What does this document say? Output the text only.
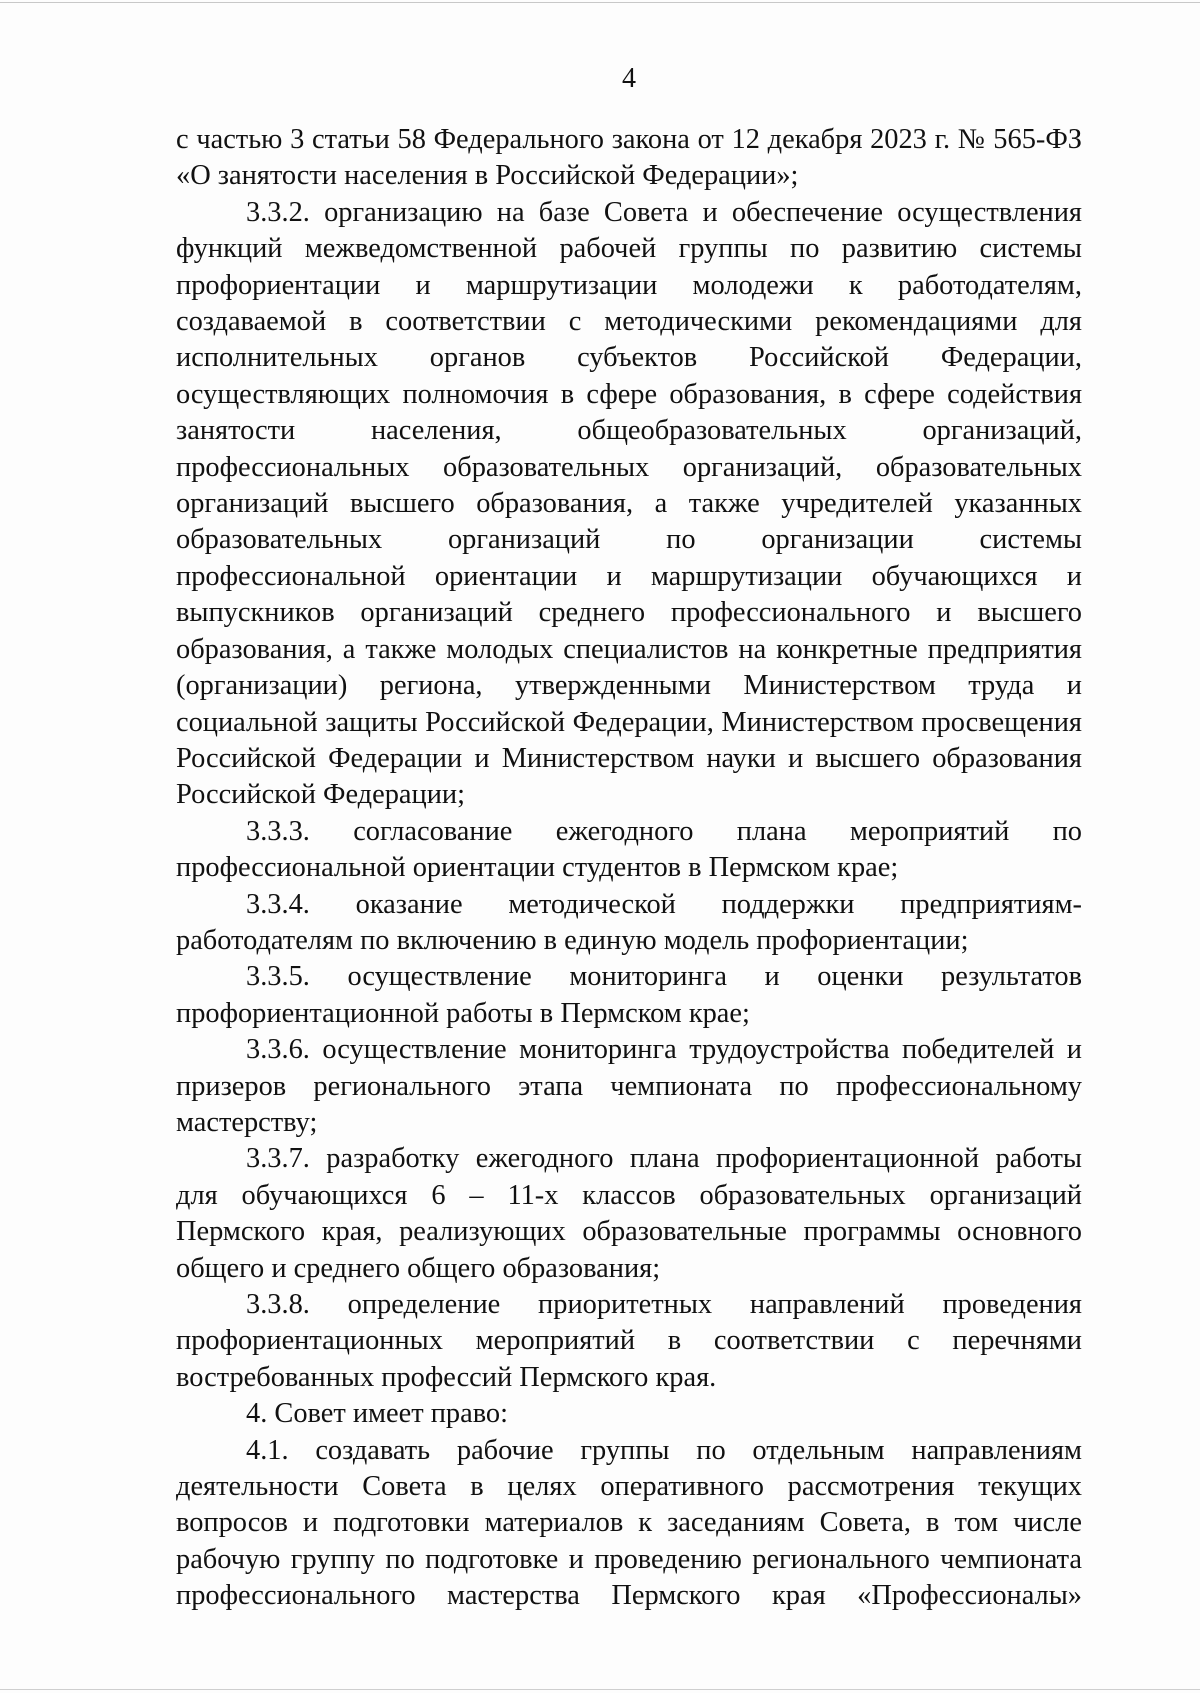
4

с частью 3 статьи 58 Федерального закона от 12 декабря 2023 г. № 565-ФЗ «О занятости населения в Российской Федерации»;

3.3.2. организацию на базе Совета и обеспечение осуществления функций межведомственной рабочей группы по развитию системы профориентации и маршрутизации молодежи к работодателям, создаваемой в соответствии с методическими рекомендациями для исполнительных органов субъектов Российской Федерации, осуществляющих полномочия в сфере образования, в сфере содействия занятости населения, общеобразовательных организаций, профессиональных образовательных организаций, образовательных организаций высшего образования, а также учредителей указанных образовательных организаций по организации системы профессиональной ориентации и маршрутизации обучающихся и выпускников организаций среднего профессионального и высшего образования, а также молодых специалистов на конкретные предприятия (организации) региона, утвержденными Министерством труда и социальной защиты Российской Федерации, Министерством просвещения Российской Федерации и Министерством науки и высшего образования Российской Федерации;

3.3.3. согласование ежегодного плана мероприятий по профессиональной ориентации студентов в Пермском крае;

3.3.4. оказание методической поддержки предприятиям-работодателям по включению в единую модель профориентации;

3.3.5. осуществление мониторинга и оценки результатов профориентационной работы в Пермском крае;

3.3.6. осуществление мониторинга трудоустройства победителей и призеров регионального этапа чемпионата по профессиональному мастерству;

3.3.7. разработку ежегодного плана профориентационной работы для обучающихся 6 – 11-х классов образовательных организаций Пермского края, реализующих образовательные программы основного общего и среднего общего образования;

3.3.8. определение приоритетных направлений проведения профориентационных мероприятий в соответствии с перечнями востребованных профессий Пермского края.

4. Совет имеет право:

4.1. создавать рабочие группы по отдельным направлениям деятельности Совета в целях оперативного рассмотрения текущих вопросов и подготовки материалов к заседаниям Совета, в том числе рабочую группу по подготовке и проведению регионального чемпионата профессионального мастерства Пермского края «Профессионалы»
